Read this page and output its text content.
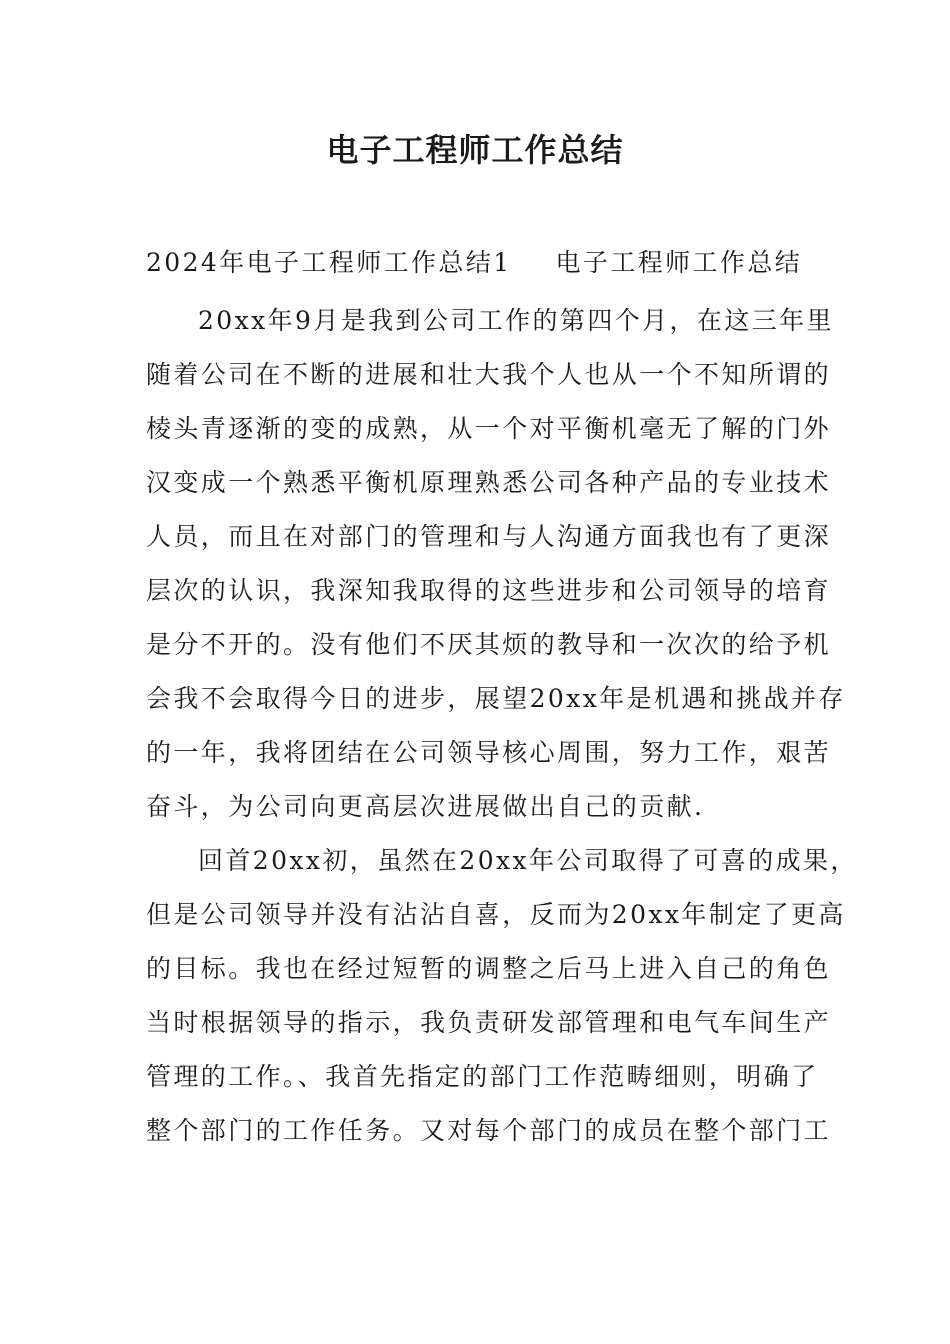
电子工程师工作总结

2024年电子工程师工作总结1 电子工程师工作总结

20xx年9月是我到公司工作的第四个月，在这三年里

随着公司在不断的进展和壮大我个人也从一个不知所谓的

棱头青逐渐的变的成熟，从一个对平衡机毫无了解的门外

汉变成一个熟悉平衡机原理熟悉公司各种产品的专业技术

人员，而且在对部门的管理和与人沟通方面我也有了更深

层次的认识，我深知我取得的这些进步和公司领导的培育

是分不开的。没有他们不厌其烦的教导和一次次的给予机

会我不会取得今日的进步，展望20xx年是机遇和挑战并存

的一年，我将团结在公司领导核心周围，努力工作，艰苦

奋斗，为公司向更高层次进展做出自己的贡献.

回首20xx初，虽然在20xx年公司取得了可喜的成果，

但是公司领导并没有沾沾自喜，反而为20xx年制定了更高

的目标。我也在经过短暂的调整之后马上进入自己的角色

当时根据领导的指示，我负责研发部管理和电气车间生产

管理的工作。、我首先指定的部门工作范畴细则，明确了

整个部门的工作任务。又对每个部门的成员在整个部门工
